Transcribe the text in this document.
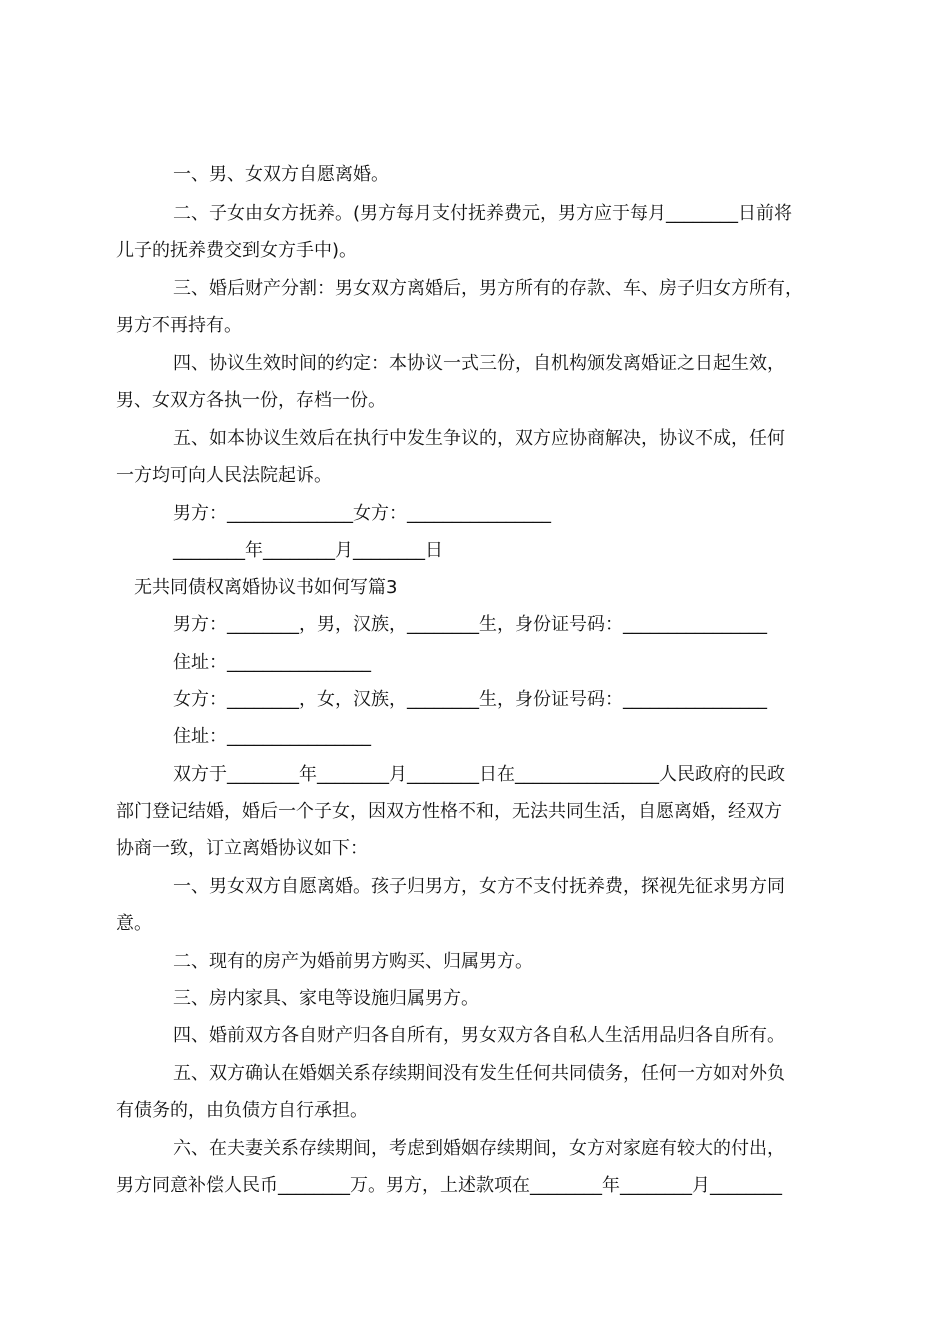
一、男、女双方自愿离婚。
二、子女由女方抚养。(男方每月支付抚养费元，男方应于每月________日前将
儿子的抚养费交到女方手中)。
三、婚后财产分割：男女双方离婚后，男方所有的存款、车、房子归女方所有，
男方不再持有。
四、协议生效时间的约定：本协议一式三份，自机构颁发离婚证之日起生效，
男、女双方各执一份，存档一份。
五、如本协议生效后在执行中发生争议的，双方应协商解决，协议不成，任何
一方均可向人民法院起诉。
男方：______________女方：________________
________年________月________日
无共同债权离婚协议书如何写篇3
男方：________，男，汉族，________生，身份证号码：________________
住址：________________
女方：________，女，汉族，________生，身份证号码：________________
住址：________________
双方于________年________月________日在________________人民政府的民政
部门登记结婚，婚后一个子女，因双方性格不和，无法共同生活，自愿离婚，经双方
协商一致，订立离婚协议如下：
一、男女双方自愿离婚。孩子归男方，女方不支付抚养费，探视先征求男方同
意。
二、现有的房产为婚前男方购买、归属男方。
三、房内家具、家电等设施归属男方。
四、婚前双方各自财产归各自所有，男女双方各自私人生活用品归各自所有。
五、双方确认在婚姻关系存续期间没有发生任何共同债务，任何一方如对外负
有债务的，由负债方自行承担。
六、在夫妻关系存续期间，考虑到婚姻存续期间，女方对家庭有较大的付出，
男方同意补偿人民币________万。男方，上述款项在________年________月________
